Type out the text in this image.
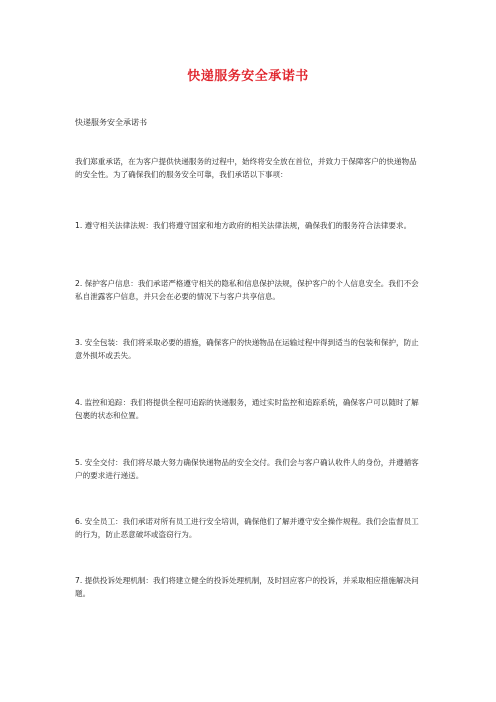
快递服务安全承诺书
快递服务安全承诺书

我们郑重承诺，在为客户提供快递服务的过程中，始终将安全放在首位，并致力于保障客户的快递物品的安全性。为了确保我们的服务安全可靠，我们承诺以下事项：

1. 遵守相关法律法规：我们将遵守国家和地方政府的相关法律法规，确保我们的服务符合法律要求。

2. 保护客户信息：我们承诺严格遵守相关的隐私和信息保护法规，保护客户的个人信息安全。我们不会私自泄露客户信息，并只会在必要的情况下与客户共享信息。

3. 安全包装：我们将采取必要的措施，确保客户的快递物品在运输过程中得到适当的包装和保护，防止意外损坏或丢失。

4. 监控和追踪：我们将提供全程可追踪的快递服务，通过实时监控和追踪系统，确保客户可以随时了解包裹的状态和位置。

5. 安全交付：我们将尽最大努力确保快递物品的安全交付。我们会与客户确认收件人的身份，并遵循客户的要求进行递送。

6. 安全员工：我们承诺对所有员工进行安全培训，确保他们了解并遵守安全操作规程。我们会监督员工的行为，防止恶意破坏或盗窃行为。

7. 提供投诉处理机制：我们将建立健全的投诉处理机制，及时回应客户的投诉，并采取相应措施解决问题。
